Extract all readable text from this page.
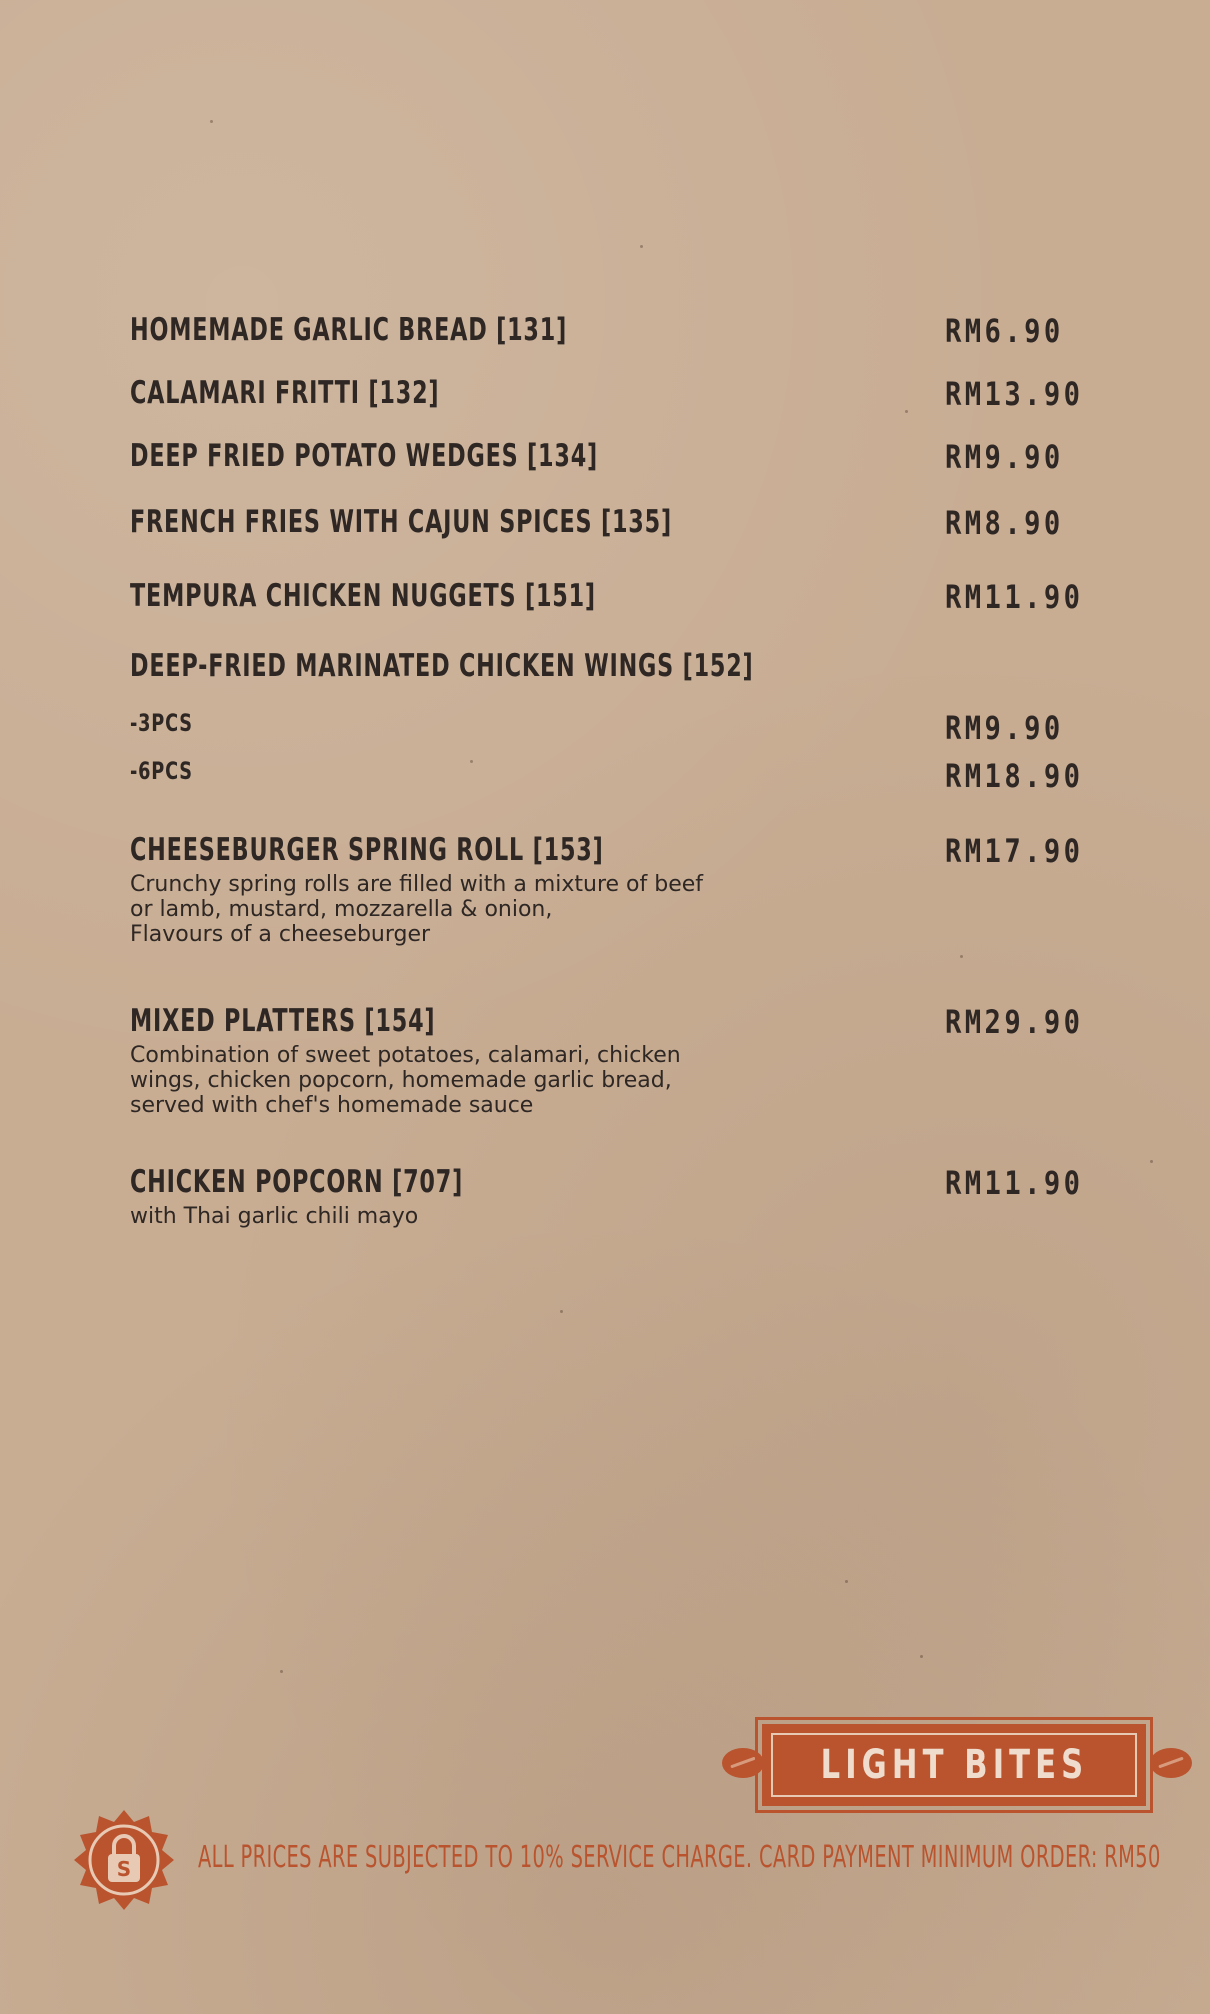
HOMEMADE GARLIC BREAD [131]	RM6.90
CALAMARI FRITTI [132]	RM13.90
DEEP FRIED POTATO WEDGES [134]	RM9.90
FRENCH FRIES WITH CAJUN SPICES [135]	RM8.90
TEMPURA CHICKEN NUGGETS [151]	RM11.90
DEEP-FRIED MARINATED CHICKEN WINGS [152]
-3PCS	RM9.90
-6PCS	RM18.90
CHEESEBURGER SPRING ROLL [153]	RM17.90
Crunchy spring rolls are filled with a mixture of beef
or lamb, mustard, mozzarella & onion,
Flavours of a cheeseburger
MIXED PLATTERS [154]	RM29.90
Combination of sweet potatoes, calamari, chicken
wings, chicken popcorn, homemade garlic bread,
served with chef's homemade sauce
CHICKEN POPCORN [707]	RM11.90
with Thai garlic chili mayo
LIGHT BITES
S ALL PRICES ARE SUBJECTED TO 10% SERVICE CHARGE. CARD PAYMENT MINIMUM ORDER: RM50
